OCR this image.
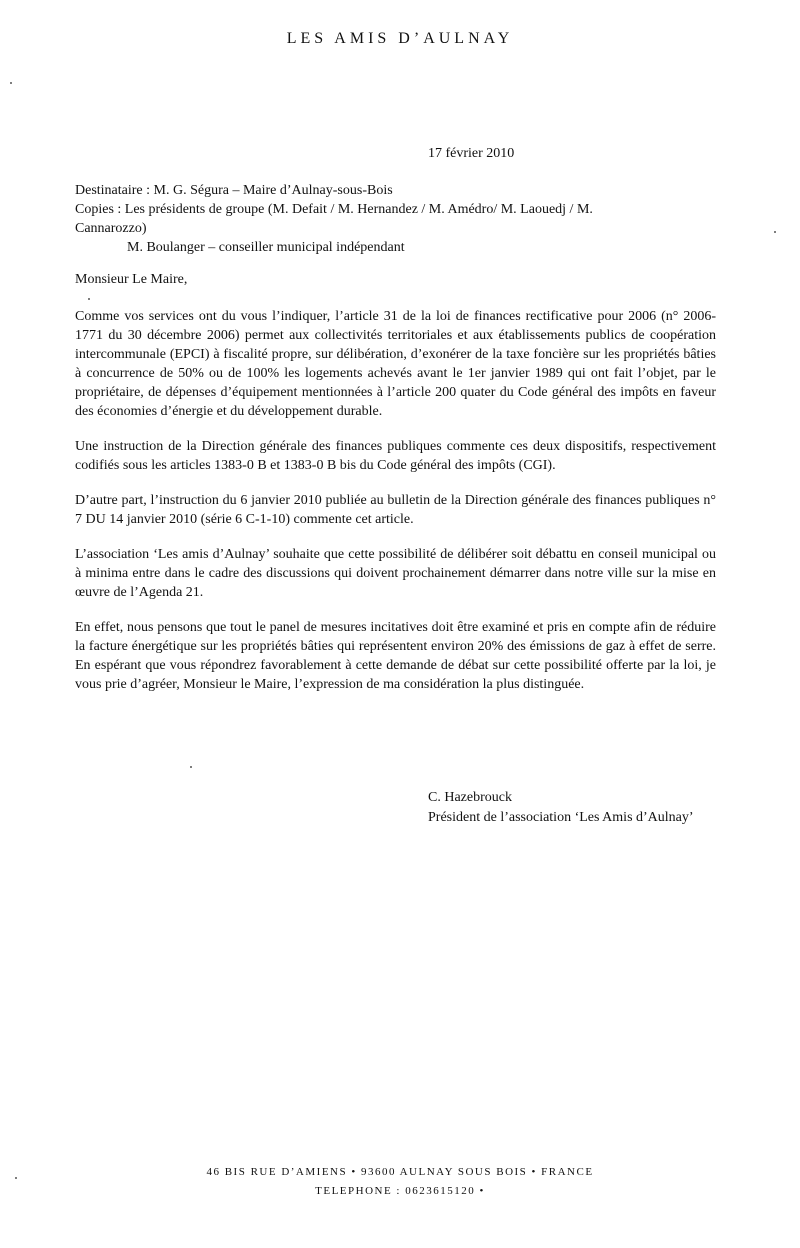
LES AMIS D’AULNAY
17 février 2010
Destinataire : M. G. Ségura – Maire d’Aulnay-sous-Bois
Copies : Les présidents de groupe (M. Defait / M. Hernandez / M. Amédro/ M. Laouedj / M.
Cannarozzo)
M. Boulanger – conseiller municipal indépendant
Monsieur Le Maire,

Comme vos services ont du vous l’indiquer, l’article 31 de la loi de finances rectificative pour 2006 (n° 2006-1771 du 30 décembre 2006) permet aux collectivités territoriales et aux établissements publics de coopération intercommunale (EPCI) à fiscalité propre, sur délibération, d’exonérer de la taxe foncière sur les propriétés bâties à concurrence de 50% ou de 100% les logements achevés avant le 1er janvier 1989 qui ont fait l’objet, par le propriétaire, de dépenses d’équipement mentionnées à l’article 200 quater du Code général des impôts en faveur des économies d’énergie et du développement durable.

Une instruction de la Direction générale des finances publiques commente ces deux dispositifs, respectivement codifiés sous les articles 1383-0 B et 1383-0 B bis du Code général des impôts (CGI).

D’autre part, l’instruction du 6 janvier 2010 publiée au bulletin de la Direction générale des finances publiques n° 7 DU 14 janvier 2010 (série 6 C-1-10) commente cet article.

L’association ‘Les amis d’Aulnay’ souhaite que cette possibilité de délibérer soit débattu en conseil municipal ou à minima entre dans le cadre des discussions qui doivent prochainement démarrer dans notre ville sur la mise en œuvre de l’Agenda 21.

En effet, nous pensons que tout le panel de mesures incitatives doit être examiné et pris en compte afin de réduire la facture énergétique sur les propriétés bâties qui représentent environ 20% des émissions de gaz à effet de serre. En espérant que vous répondrez favorablement à cette demande de débat sur cette possibilité offerte par la loi, je vous prie d’agréer, Monsieur le Maire, l’expression de ma considération la plus distinguée.

C. Hazebrouck
Président de l’association ‘Les Amis d’Aulnay’
46 BIS RUE D’AMIENS • 93600 AULNAY SOUS BOIS • FRANCE
TELEPHONE : 0623615120 •
